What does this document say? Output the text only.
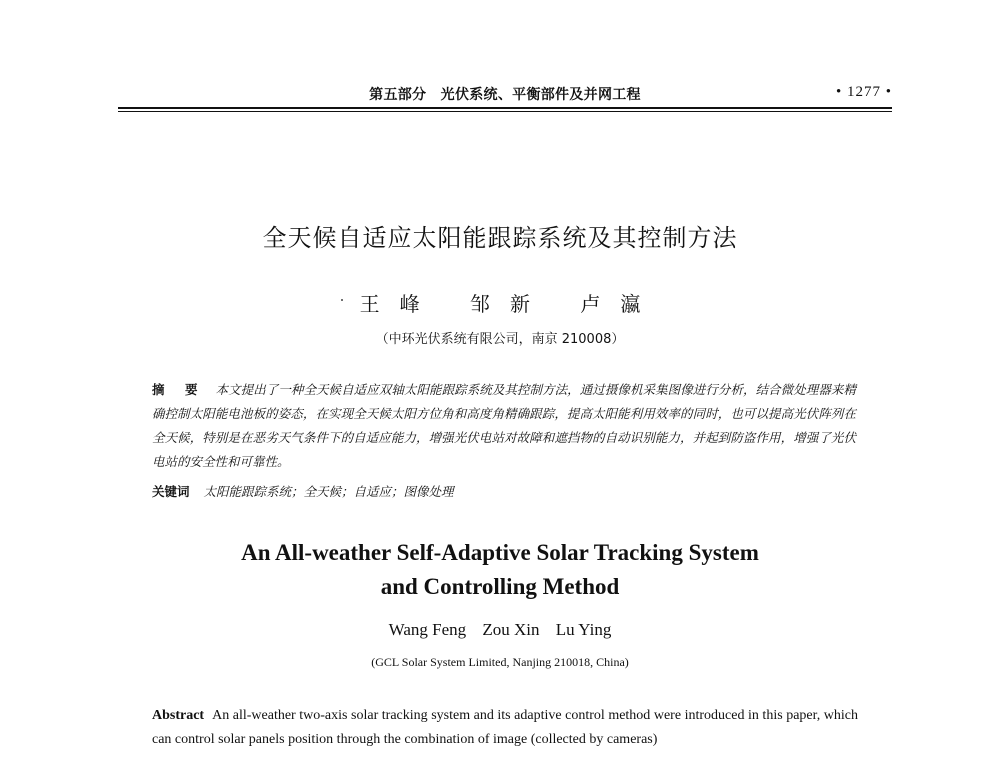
第五部分　光伏系统、平衡部件及并网工程	• 1277 •
全天候自适应太阳能跟踪系统及其控制方法
王　峰	邹　新	卢　瀛
（中环光伏系统有限公司，南京 210008）
摘 要 本文提出了一种全天候自适应双轴太阳能跟踪系统及其控制方法，通过摄像机采集图像进行分析，结合微处理器来精确控制太阳能电池板的姿态，在实现全天候太阳方位角和高度角精确跟踪，提高太阳能利用效率的同时，也可以提高光伏阵列在全天候，特别是在恶劣天气条件下的自适应能力，增强光伏电站对故障和遮挡物的自动识别能力，并起到防盗作用，增强了光伏电站的安全性和可靠性。
关键词 太阳能跟踪系统；全天候；自适应；图像处理
An All-weather Self-Adaptive Solar Tracking System
and Controlling Method
Wang Feng Zou Xin Lu Ying
(GCL Solar System Limited, Nanjing 210018, China)
Abstract An all-weather two-axis solar tracking system and its adaptive control method were introduced in this paper, which can control solar panels position through the combination of image (collected by cameras)
